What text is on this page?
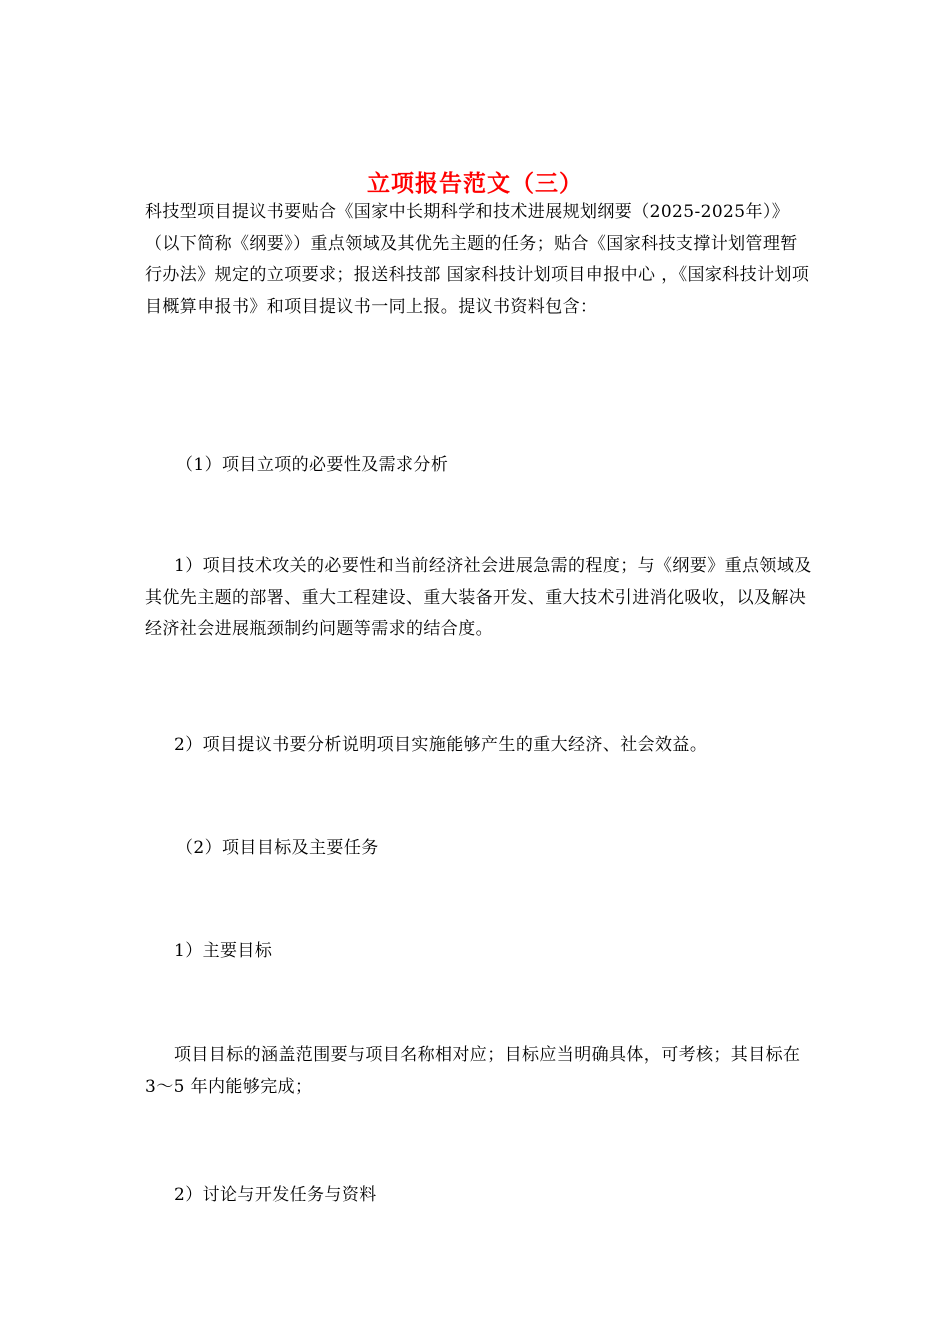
立项报告范文（三）

科技型项目提议书要贴合《国家中长期科学和技术进展规划纲要（2025-2025年）》（以下简称《纲要》）重点领域及其优先主题的任务；贴合《国家科技支撑计划管理暂行办法》规定的立项要求；报送科技部 国家科技计划项目申报中心 ，《国家科技计划项目概算申报书》和项目提议书一同上报。提议书资料包含：

（1）项目立项的必要性及需求分析

1）项目技术攻关的必要性和当前经济社会进展急需的程度；与《纲要》重点领域及其优先主题的部署、重大工程建设、重大装备开发、重大技术引进消化吸收，以及解决经济社会进展瓶颈制约问题等需求的结合度。

2）项目提议书要分析说明项目实施能够产生的重大经济、社会效益。

（2）项目目标及主要任务

1）主要目标

项目目标的涵盖范围要与项目名称相对应；目标应当明确具体，可考核；其目标在 3～5 年内能够完成；

2）讨论与开发任务与资料
